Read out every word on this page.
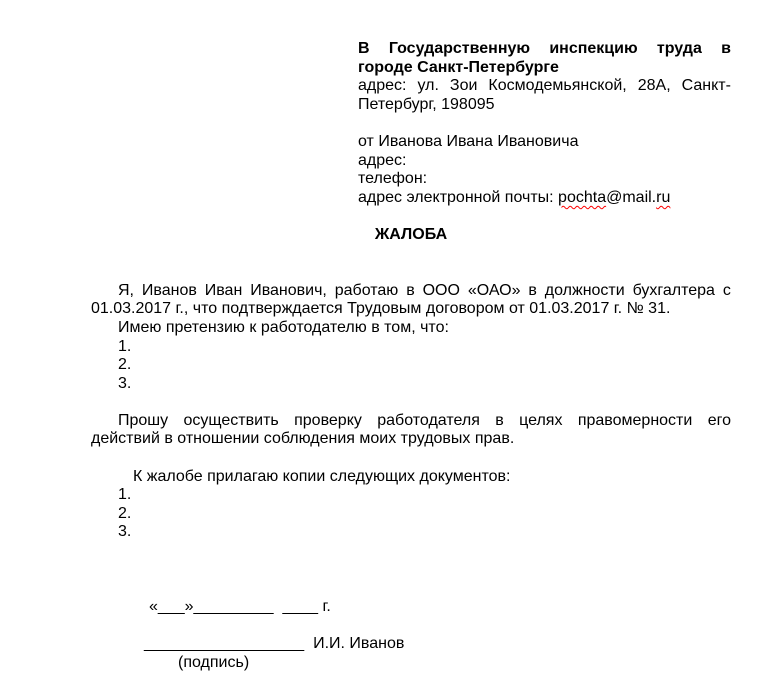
В Государственную инспекцию труда в
городе Санкт-Петербурге
адрес: ул. Зои Космодемьянской, 28А, Санкт-
Петербург, 198095
от Иванова Ивана Ивановича
адрес:
телефон:
адрес электронной почты: pochta@mail.ru
ЖАЛОБА
Я, Иванов Иван Иванович, работаю в ООО «ОАО» в должности бухгалтера с
01.03.2017 г., что подтверждается Трудовым договором от 01.03.2017 г. № 31.
Имею претензию к работодателю в том, что:
1.
2.
3.
Прошу осуществить проверку работодателя в целях правомерности его
действий в отношении соблюдения моих трудовых прав.
К жалобе прилагаю копии следующих документов:
1.
2.
3.
«___»_________  ____ г.
__________________  И.И. Иванов
(подпись)
